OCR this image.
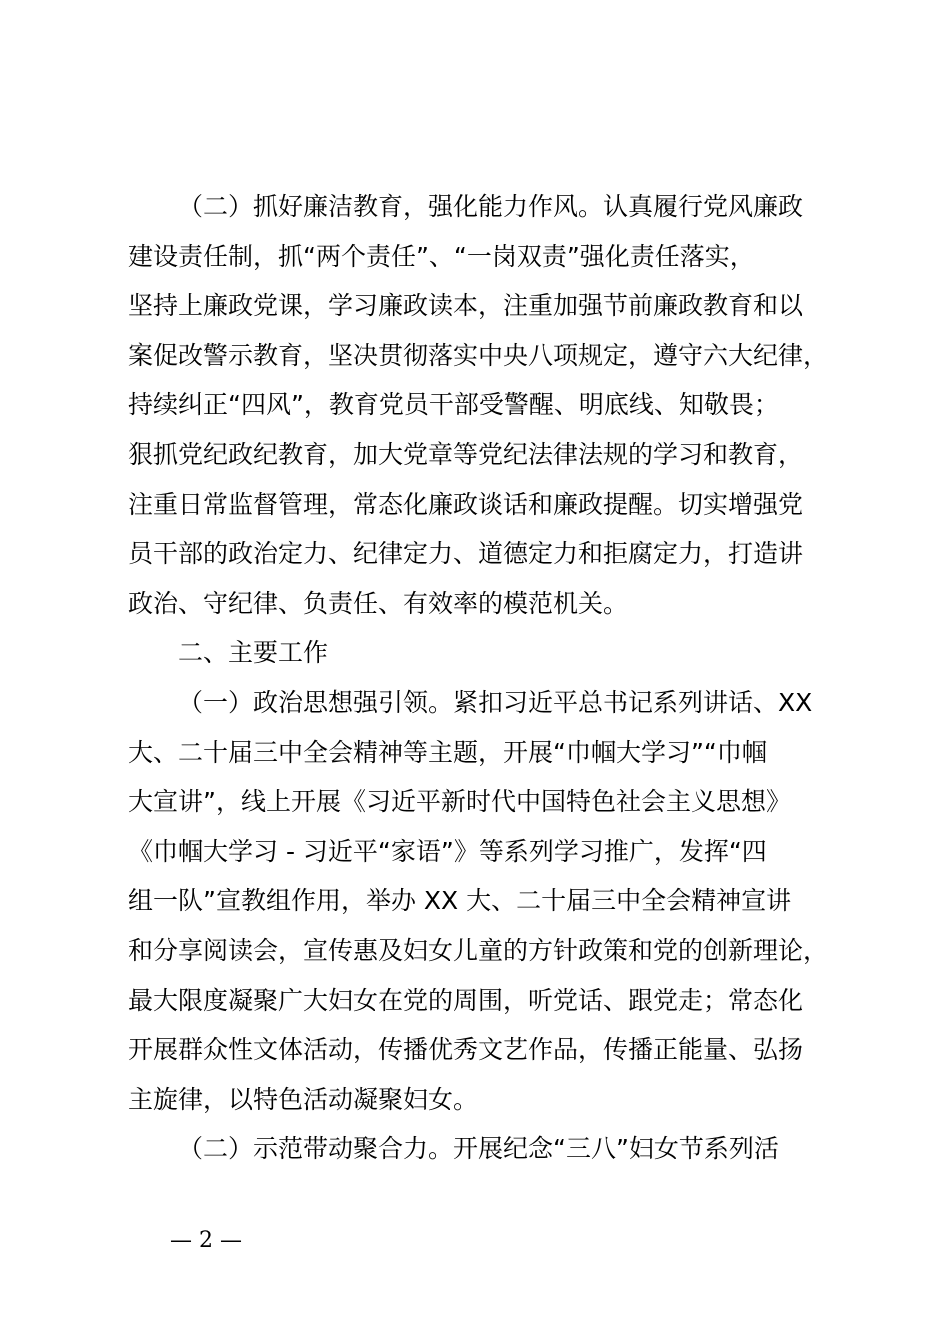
（二）抓好廉洁教育，强化能力作风。认真履行党风廉政
建设责任制，抓“两个责任”、“一岗双责”强化责任落实，
坚持上廉政党课，学习廉政读本，注重加强节前廉政教育和以
案促改警示教育，坚决贯彻落实中央八项规定，遵守六大纪律，
持续纠正“四风”，教育党员干部受警醒、明底线、知敬畏；
狠抓党纪政纪教育，加大党章等党纪法律法规的学习和教育，
注重日常监督管理，常态化廉政谈话和廉政提醒。切实增强党
员干部的政治定力、纪律定力、道德定力和拒腐定力，打造讲
政治、守纪律、负责任、有效率的模范机关。
二、主要工作
（一）政治思想强引领。紧扣习近平总书记系列讲话、XX
大、二十届三中全会精神等主题，开展“巾帼大学习”“巾帼
大宣讲”，线上开展《习近平新时代中国特色社会主义思想》
《巾帼大学习 - 习近平“家语”》等系列学习推广，发挥“四
组一队”宣教组作用，举办 XX 大、二十届三中全会精神宣讲
和分享阅读会，宣传惠及妇女儿童的方针政策和党的创新理论，
最大限度凝聚广大妇女在党的周围，听党话、跟党走；常态化
开展群众性文体活动，传播优秀文艺作品，传播正能量、弘扬
主旋律，以特色活动凝聚妇女。
（二）示范带动聚合力。开展纪念“三八”妇女节系列活
— 2 —
